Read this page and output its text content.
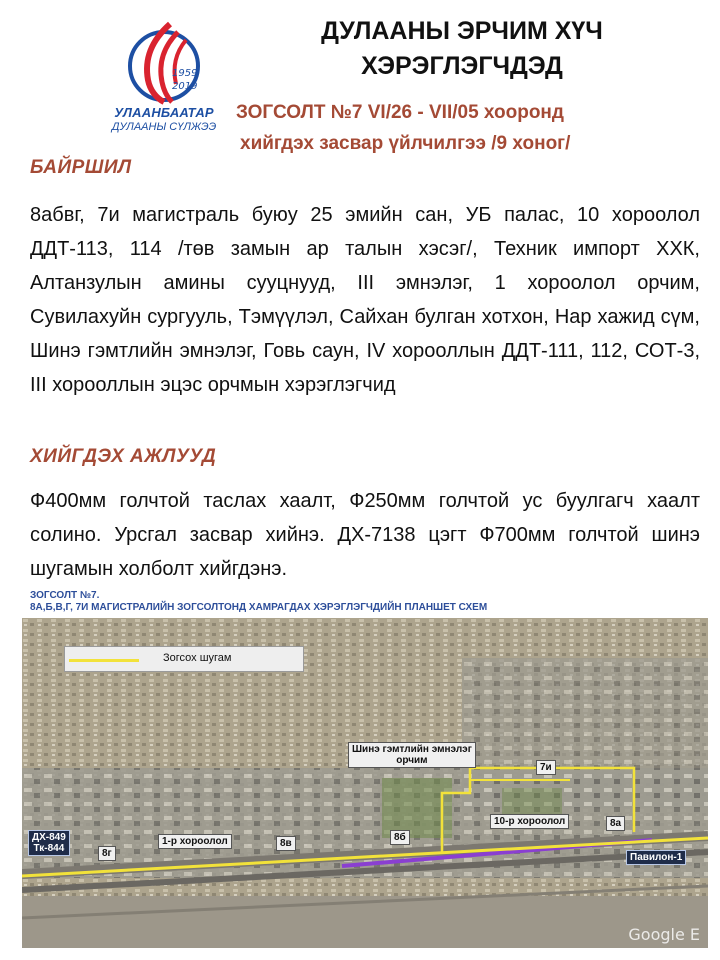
1959
2019
УЛААНБААТАР
ДУЛААНЫ СҮЛЖЭЭ
ДУЛААНЫ ЭРЧИМ ХҮЧ
ХЭРЭГЛЭГЧДЭД
ЗОГСОЛТ №7 VI/26 - VII/05 хооронд
хийгдэх засвар үйлчилгээ /9 хоног/
БАЙРШИЛ
8абвг, 7и магистраль буюу 25 эмийн сан, УБ палас, 10 хороолол ДДТ-113, 114 /төв замын ар талын хэсэг/, Техник импорт ХХК, Алтанзулын амины сууцнууд, III эмнэлэг, 1 хороолол орчим, Сувилахуйн сургууль, Тэмүүлэл, Сайхан булган хотхон, Нар хажид сүм, Шинэ гэмтлийн эмнэлэг, Говь саун, IV хорооллын ДДТ-111, 112, СОТ-3, III хорооллын эцэс орчмын хэрэглэгчид
ХИЙГДЭХ АЖЛУУД
Ф400мм голчтой таслах хаалт, Ф250мм голчтой ус буулгагч хаалт солино. Урсгал засвар хийнэ. ДХ-7138 цэгт Ф700мм голчтой шинэ шугамын холболт хийгдэнэ.
ЗОГСОЛТ №7.
8А,Б,В,Г, 7И МАГИСТРАЛИЙН ЗОГСОЛТОНД ХАМРАГДАХ ХЭРЭГЛЭГЧДИЙН ПЛАНШЕТ СХЕМ
Зогсох шугам
ДХ-849
Тк-844	8г
1-р хороолол	8в
8б
Шинэ гэмтлийн эмнэлэг
орчим
7и
10-р хороолол	8а
Павилон-1
Google E
